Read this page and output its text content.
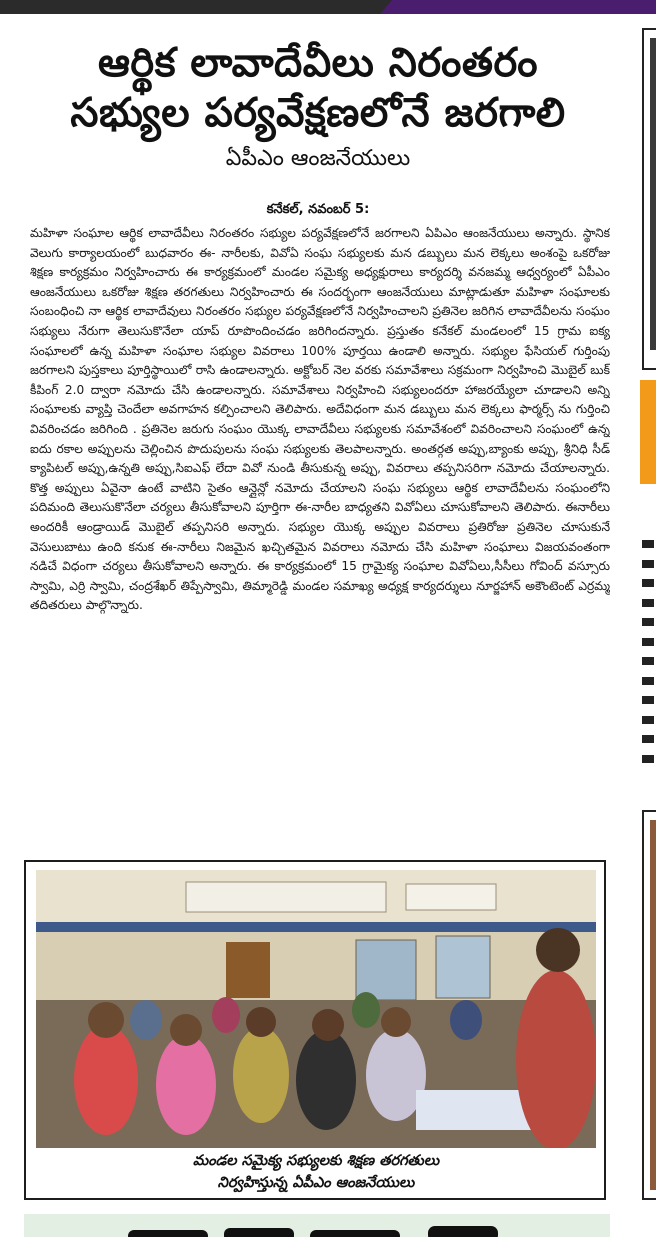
ఆర్థిక లావాదేవీలు నిరంతరం
సభ్యుల పర్యవేక్షణలోనే జరగాలి
ఏపీఎం ఆంజనేయులు
కనేకల్, నవంబర్ 5:
మహిళా సంఘాల ఆర్థిక లావాదేవీలు నిరంతరం సభ్యుల పర్యవేక్షణలోనే జరగాలని ఏపిఎం ఆంజనేయులు అన్నారు. స్థానిక వెలుగు కార్యాలయంలో బుధవారం ఈ- నారీలకు, వివోఏ సంఘ సభ్యులకు మన డబ్బులు మన లెక్కలు అంశంపై ఒకరోజు శిక్షణ కార్యక్రమం నిర్వహించారు ఈ కార్యక్రమంలో మండల సమైక్య అధ్యక్షురాలు కార్యదర్శి వనజమ్మ ఆధ్వర్యంలో ఏపీఎం ఆంజనేయులు ఒకరోజు శిక్షణ తరగతులు నిర్వహించారు ఈ సందర్భంగా ఆంజనేయులు మాట్లాడుతూ మహిళా సంఘాలకు సంబంధించి నా ఆర్థిక లావాదేవులు నిరంతరం సభ్యుల పర్యవేక్షణలోనే నిర్వహించాలని ప్రతినెల జరిగిన లావాదేవీలను సంఘం సభ్యులు నేరుగా తెలుసుకొనేలా యాప్ రూపొందించడం జరిగిందన్నారు. ప్రస్తుతం కనేకల్ మండలంలో 15 గ్రామ ఐక్య సంఘాలలో ఉన్న మహిళా సంఘాల సభ్యుల వివరాలు 100% పూర్తయి ఉండాలి అన్నారు. సభ్యుల ఫేసియల్ గుర్తింపు జరగాలని పుస్తకాలు పూర్తిస్థాయిలో రాసి ఉండాలన్నారు. అక్టోబర్ నెల వరకు సమావేశాలు సక్రమంగా నిర్వహించి మొబైల్ బుక్ కీపింగ్ 2.0 ద్వారా నమోదు చేసి ఉండాలన్నారు. సమావేశాలు నిర్వహించి సభ్యులందరూ హాజరయ్యేలా చూడాలని అన్ని సంఘాలకు వ్యాప్తి చెందేలా అవగాహన కల్పించాలని తెలిపారు. అదేవిధంగా మన డబ్బులు మన లెక్కలు ఫార్మర్స్ ను గుర్తించి వివరించడం జరిగింది . ప్రతినెల జరుగు సంఘం యొక్క లావాదేవీలు సభ్యులకు సమావేశంలో వివరించాలని సంఘంలో ఉన్న ఐదు రకాల అప్పులను చెల్లించిన పొదుపులను సంఘ సభ్యులకు తెలపాలన్నారు. అంతర్గత అప్పు,బ్యాంకు అప్పు, శ్రీనిధి సీడ్ క్యాపిటల్ అప్పు,ఉన్నతి అప్పు,సిఐఎఫ్ లేదా వివో నుండి తీసుకున్న అప్పు, వివరాలు తప్పనిసరిగా నమోదు చేయాలన్నారు. కొత్త అప్పులు ఏవైనా ఉంటే వాటిని సైతం ఆన్లైన్లో నమోదు చేయాలని సంఘ సభ్యులు ఆర్థిక లావాదేవీలను సంఘంలోని పదిమంది తెలుసుకొనేలా చర్యలు తీసుకోవాలని పూర్తిగా ఈ-నారీల బాధ్యతని వివోఏలు చూసుకోవాలని తెలిపారు. ఈనారీలు అందరికీ ఆండ్రాయిడ్ మొబైల్ తప్పనిసరి అన్నారు. సభ్యుల యొక్క అప్పుల వివరాలు ప్రతిరోజు ప్రతినెల చూసుకునే వెసులుబాటు ఉంది కనుక ఈ-నారీలు నిజమైన ఖచ్చితమైన వివరాలు నమోదు చేసి మహిళా సంఘాలు విజయవంతంగా నడిచే విధంగా చర్యలు తీసుకోవాలని అన్నారు. ఈ కార్యక్రమంలో 15 గ్రామైక్య సంఘాల వివోఏలు,సీసీలు గోవింద్ వస్సూరు స్వామి, ఎర్రి స్వామి, చంద్రశేఖర్ తిప్పేస్వామి, తిమ్మారెడ్డి మండల సమాఖ్య అధ్యక్ష కార్యదర్శులు నూర్జహాన్ అకౌంటెంట్ ఎర్రమ్మ తదితరులు పాల్గొన్నారు.
మండల సమైక్య సభ్యులకు శిక్షణ తరగతులు
నిర్వహిస్తున్న ఏపీఎం ఆంజనేయులు
